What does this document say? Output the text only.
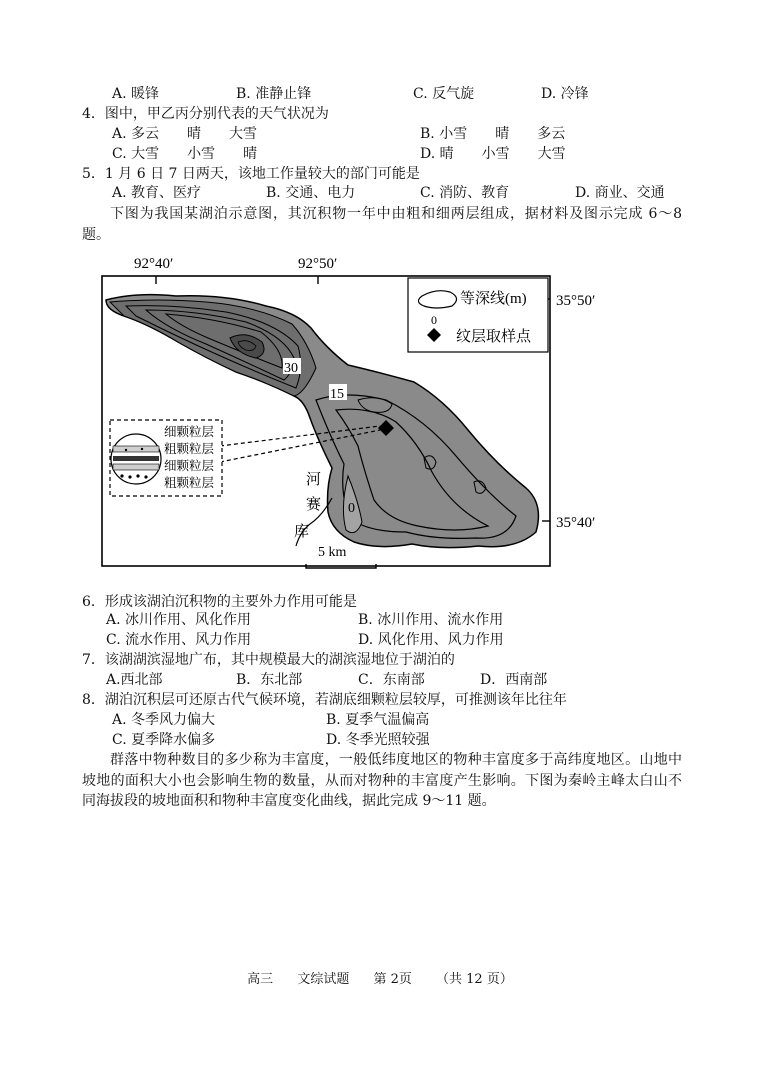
A. 暖锋	B. 准静止锋	C. 反气旋	D. 冷锋
4．图中，甲乙丙分别代表的天气状况为
A. 多云　　晴　　大雪	B. 小雪　　晴　　多云
C. 大雪　　小雪　　晴	D. 晴　　小雪　　大雪
5．1 月 6 日 7 日两天，该地工作量较大的部门可能是
A. 教育、医疗	B. 交通、电力	C. 消防、教育	D. 商业、交通
下图为我国某湖泊示意图，其沉积物一年中由粗和细两层组成，据材料及图示完成 6～8 题。
92°40′	92°50′
35°50′
35°40′
30
15
0
细颗粒层
粗颗粒层
细颗粒层
粗颗粒层	河
赛
库
5 km
0
等深线(m)
纹层取样点
6．形成该湖泊沉积物的主要外力作用可能是
A. 冰川作用、风化作用	B. 冰川作用、流水作用
C. 流水作用、风力作用	D. 风化作用、风力作用
7．该湖湖滨湿地广布，其中规模最大的湖滨湿地位于湖泊的
A.西北部	B．东北部	C．东南部	D．西南部
8．湖泊沉积层可还原古代气候环境，若湖底细颗粒层较厚，可推测该年比往年
A. 冬季风力偏大	B. 夏季气温偏高
C. 夏季降水偏多	D. 冬季光照较强
群落中物种数目的多少称为丰富度，一般低纬度地区的物种丰富度多于高纬度地区。山地中坡地的面积大小也会影响生物的数量，从而对物种的丰富度产生影响。下图为秦岭主峰太白山不同海拔段的坡地面积和物种丰富度变化曲线，据此完成 9～11 题。
高三 文综试题 第 2页 （共 12 页）
